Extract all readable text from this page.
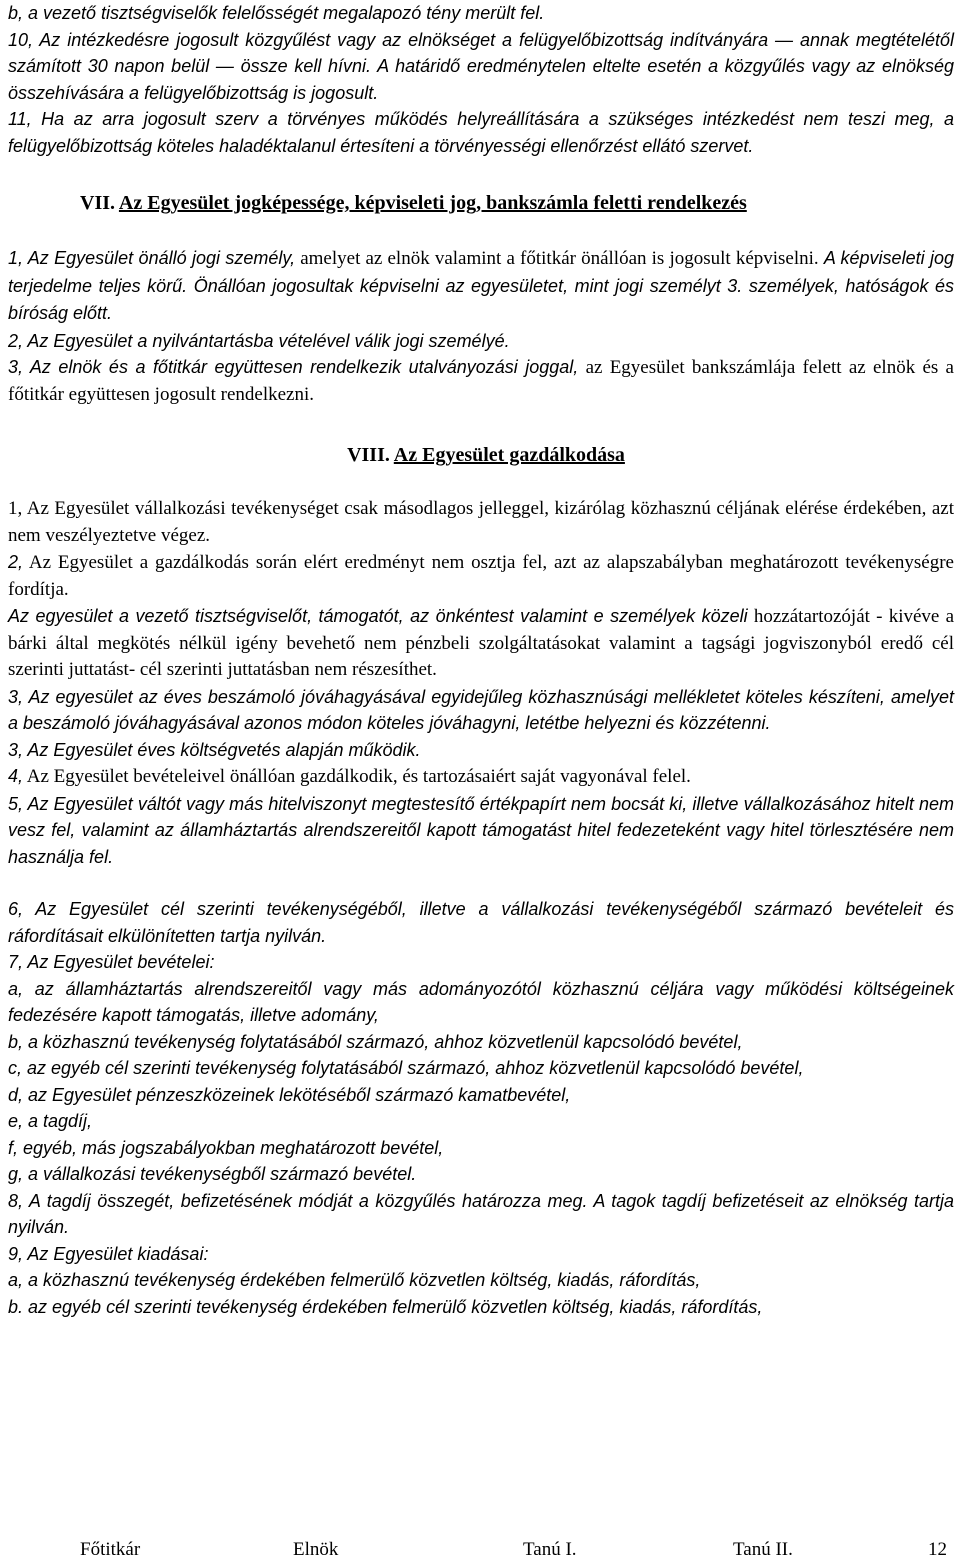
b, a vezető tisztségviselők felelősségét megalapozó tény merült fel.

10, Az intézkedésre jogosult közgyűlést vagy az elnökséget a felügyelőbizottság indítványára — annak megtételétől számított 30 napon belül — össze kell hívni. A határidő eredménytelen eltelte esetén a közgyűlés vagy az elnökség összehívására a felügyelőbizottság is jogosult.

11, Ha az arra jogosult szerv a törvényes működés helyreállítására a szükséges intézkedést nem teszi meg, a felügyelőbizottság köteles haladéktalanul értesíteni a törvényességi ellenőrzést ellátó szervet.

VII. Az Egyesület jogképessége, képviseleti jog, bankszámla feletti rendelkezés

1, Az Egyesület önálló jogi személy, amelyet az elnök valamint a főtitkár önállóan is jogosult képviselni. A képviseleti jog terjedelme teljes körű. Önállóan jogosultak képviselni az egyesületet, mint jogi személyt 3. személyek, hatóságok és bíróság előtt.

2, Az Egyesület a nyilvántartásba vételével válik jogi személyé.

3, Az elnök és a főtitkár együttesen rendelkezik utalványozási joggal, az Egyesület bankszámlája felett az elnök és a főtitkár együttesen jogosult rendelkezni.

VIII. Az Egyesület gazdálkodása

1, Az Egyesület vállalkozási tevékenységet csak másodlagos jelleggel, kizárólag közhasznú céljának elérése érdekében, azt nem veszélyeztetve végez.

2, Az Egyesület a gazdálkodás során elért eredményt nem osztja fel, azt az alapszabályban meghatározott tevékenységre fordítja.

Az egyesület a vezető tisztségviselőt, támogatót, az önkéntest valamint e személyek közeli hozzátartozóját - kivéve a bárki által megkötés nélkül igény bevehető nem pénzbeli szolgáltatásokat valamint a tagsági jogviszonyból eredő cél szerinti juttatást- cél szerinti juttatásban nem részesíthet.

3, Az egyesület az éves beszámoló jóváhagyásával egyidejűleg közhasznúsági mellékletet köteles készíteni, amelyet a beszámoló jóváhagyásával azonos módon köteles jóváhagyni, letétbe helyezni és közzétenni.

3, Az Egyesület éves költségvetés alapján működik.

4, Az Egyesület bevételeivel önállóan gazdálkodik, és tartozásaiért saját vagyonával felel.

5, Az Egyesület váltót vagy más hitelviszonyt megtestesítő értékpapírt nem bocsát ki, illetve vállalkozásához hitelt nem vesz fel, valamint az államháztartás alrendszereitől kapott támogatást hitel fedezeteként vagy hitel törlesztésére nem használja fel.

6, Az Egyesület cél szerinti tevékenységéből, illetve a vállalkozási tevékenységéből származó bevételeit és ráfordításait elkülönítetten tartja nyilván.

7, Az Egyesület bevételei:

a, az államháztartás alrendszereitől vagy más adományozótól közhasznú céljára vagy működési költségeinek fedezésére kapott támogatás, illetve adomány,

b, a közhasznú tevékenység folytatásából származó, ahhoz közvetlenül kapcsolódó bevétel,

c, az egyéb cél szerinti tevékenység folytatásából származó, ahhoz közvetlenül kapcsolódó bevétel,

d, az Egyesület pénzeszközeinek lekötéséből származó kamatbevétel,

e, a tagdíj,

f, egyéb, más jogszabályokban meghatározott bevétel,

g, a vállalkozási tevékenységből származó bevétel.

8, A tagdíj összegét, befizetésének módját a közgyűlés határozza meg. A tagok tagdíj befizetéseit az elnökség tartja nyilván.

9, Az Egyesület kiadásai:

a, a közhasznú tevékenység érdekében felmerülő közvetlen költség, kiadás, ráfordítás,

b. az egyéb cél szerinti tevékenység érdekében felmerülő közvetlen költség, kiadás, ráfordítás,

Főtitkár	Elnök	Tanú I.	Tanú II.	12
